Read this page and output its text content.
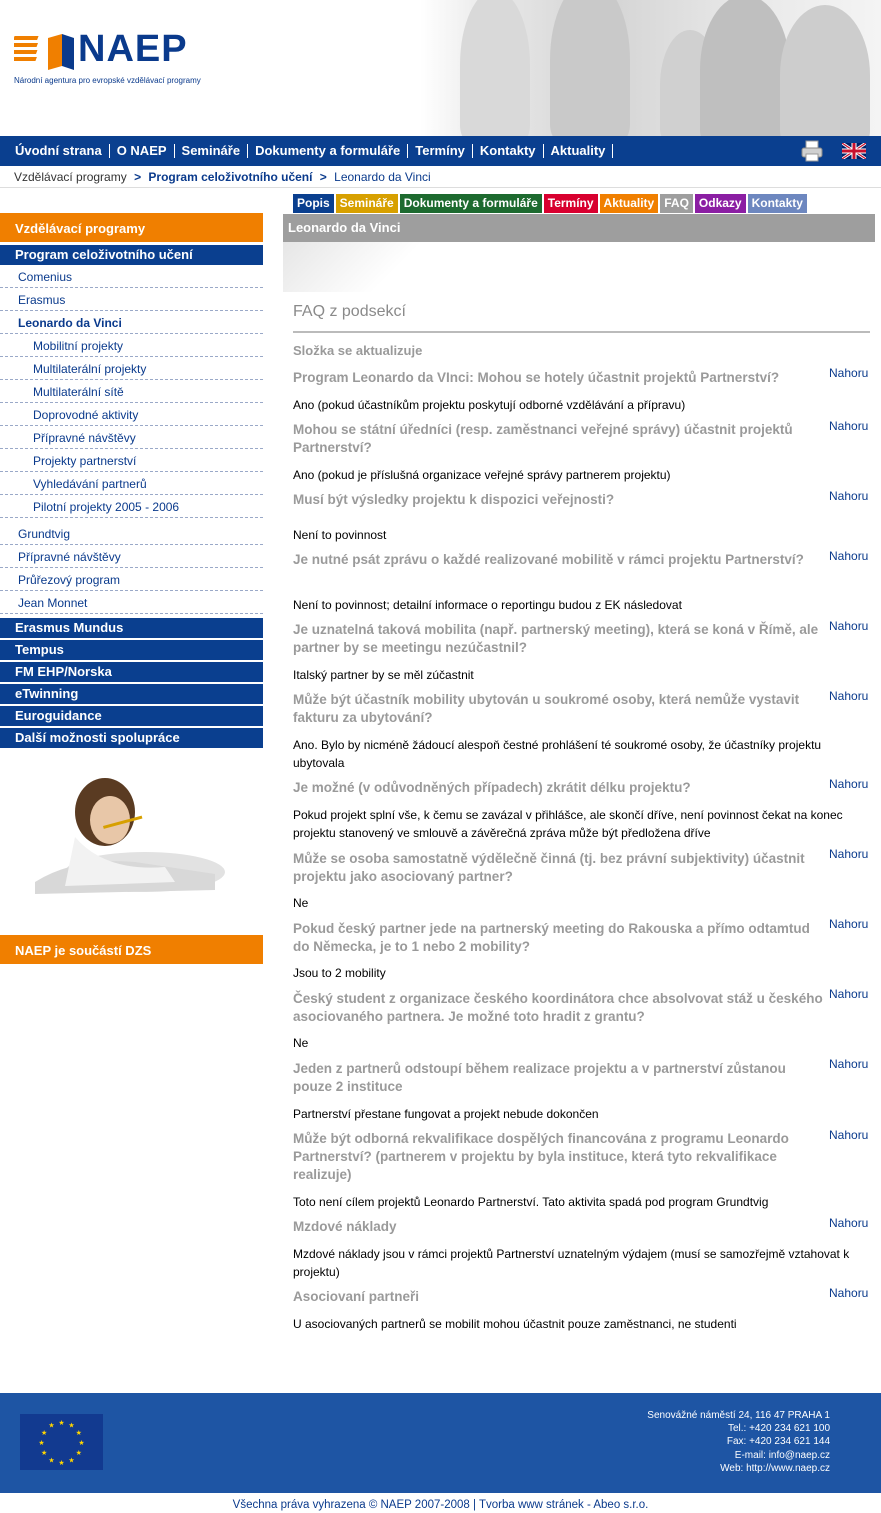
NAEP
Národní agentura pro evropské vzdělávací programy
Úvodní strana	O NAEP	Semináře	Dokumenty a formuláře	Termíny	Kontakty	Aktuality
Vzdělávací programy > Program celoživotního učení > Leonardo da Vinci
Popis Semináře Dokumenty a formuláře Termíny Aktuality FAQ Odkazy Kontakty
Leonardo da Vinci
Vzdělávací programy
Program celoživotního učení
Comenius
Erasmus
Leonardo da Vinci
Mobilitní projekty
Multilaterální projekty
Multilaterální sítě
Doprovodné aktivity
Přípravné návštěvy
Projekty partnerství
Vyhledávání partnerů
Pilotní projekty 2005 - 2006
Grundtvig
Přípravné návštěvy
Průřezový program
Jean Monnet
Erasmus Mundus
Tempus
FM EHP/Norska
eTwinning
Euroguidance
Další možnosti spolupráce
NAEP je součástí DZS
FAQ z podsekcí
Složka se aktualizuje
Program Leonardo da VInci: Mohou se hotely účastnit projektů Partnerství?	Nahoru
Ano (pokud účastníkům projektu poskytují odborné vzdělávání a přípravu)
Mohou se státní úředníci (resp. zaměstnanci veřejné správy) účastnit projektů Partnerství?
Nahoru
Ano (pokud je příslušná organizace veřejné správy partnerem projektu)
Musí být výsledky projektu k dispozici veřejnosti?	Nahoru
Není to povinnost
Je nutné psát zprávu o každé realizované mobilitě v rámci projektu Partnerství?	Nahoru
Není to povinnost; detailní informace o reportingu budou z EK následovat
Je uznatelná taková mobilita (např. partnerský meeting), která se koná v Římě, ale partner by se meetingu nezúčastnil?
Nahoru
Italský partner by se měl zúčastnit
Může být účastník mobility ubytován u soukromé osoby, která nemůže vystavit fakturu za ubytování?
Nahoru
Ano. Bylo by nicméně žádoucí alespoň čestné prohlášení té soukromé osoby, že účastníky projektu ubytovala
Je možné (v odůvodněných případech) zkrátit délku projektu?	Nahoru
Pokud projekt splní vše, k čemu se zavázal v přihlášce, ale skončí dříve, není povinnost čekat na konec projektu stanovený ve smlouvě a závěrečná zpráva může být předložena dříve
Může se osoba samostatně výdělečně činná (tj. bez právní subjektivity) účastnit projektu jako asociovaný partner?
Nahoru
Ne
Pokud český partner jede na partnerský meeting do Rakouska a přímo odtamtud do Německa, je to 1 nebo 2 mobility?
Nahoru
Jsou to 2 mobility
Český student z organizace českého koordinátora chce absolvovat stáž u českého asociovaného partnera. Je možné toto hradit z grantu?
Nahoru
Ne
Jeden z partnerů odstoupí během realizace projektu a v partnerství zůstanou pouze 2 instituce
Nahoru
Partnerství přestane fungovat a projekt nebude dokončen
Může být odborná rekvalifikace dospělých financována z programu Leonardo Partnerství? (partnerem v projektu by byla instituce, která tyto rekvalifikace realizuje)
Nahoru
Toto není cílem projektů Leonardo Partnerství. Tato aktivita spadá pod program Grundtvig
Mzdové náklady	Nahoru
Mzdové náklady jsou v rámci projektů Partnerství uznatelným výdajem (musí se samozřejmě vztahovat k projektu)
Asociovaní partneři	Nahoru
U asociovaných partnerů se mobilit mohou účastnit pouze zaměstnanci, ne studenti
★ ★
★
★
★
★
★
★
★
★
★
★
Senovážné náměstí 24, 116 47 PRAHA 1
Tel.: +420 234 621 100
Fax: +420 234 621 144
E-mail: info@naep.cz
Web: http://www.naep.cz
Všechna práva vyhrazena © NAEP 2007-2008 | Tvorba www stránek - Abeo s.r.o.
